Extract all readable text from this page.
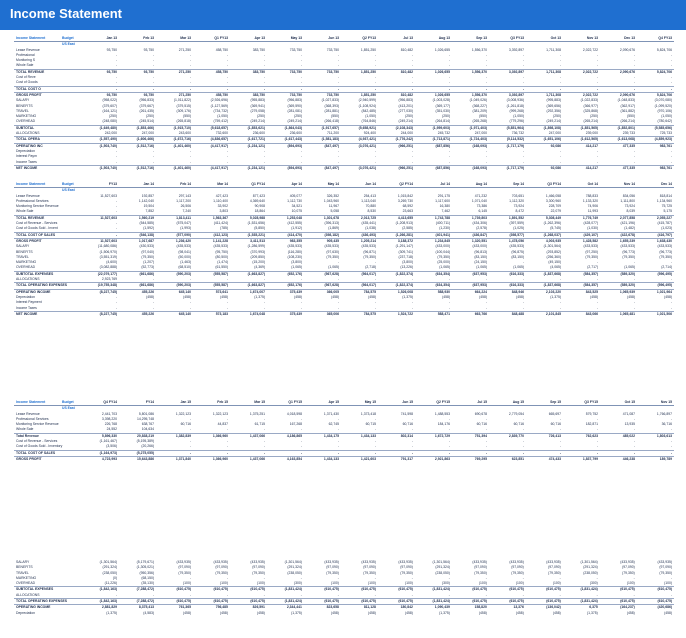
Income Statement
Income Statement	Budget	Jan 13	Feb 13	Mar 13	Q1 FY13	Apr 13	May 13	Jun 13	Q2 FY13	Jul 13	Aug 13	Sep 13	Q3 FY13	Oct 13	Nov 13	Dec 13	Q4 FY13
	US East																
Lease Revenue		93,750	93,750	271,250	458,750	383,750	733,750	733,750	1,851,250	810,482	1,026,655	1,556,370	3,392,897	1,711,308	2,022,722	2,090,676	5,824,706
Professional		-	-	-	-	-	-	-	-	-	-	-	-	-	-	-	-
Monitoring S		-	-	-	-	-	-	-	-	-	-	-	-	-	-	-	-
Whole Sale		-	-	-	-	-	-	-	-	-	-	-	-	-	-	-	-
TOTAL REVENUE		93,750	93,750	271,250	458,750	383,750	733,750	733,750	1,851,250	810,482	1,026,655	1,556,370	3,392,897	1,711,308	2,022,722	2,090,676	5,824,706
Cost of Reve		-	-	-	-	-	-	-	-	-	-	-	-	-	-	-	-
Cost of Goods		-	-	-	-	-	-	-	-	-	-	-	-	-	-	-	-
TOTAL COST O		-	-	-	-	-	-	-	-	-	-	-	-	-	-	-	-
GROSS PROFIT		93,750	93,750	271,250	458,750	383,750	733,750	733,750	1,851,250	810,482	1,026,655	1,556,370	3,392,897	1,711,308	2,022,722	2,090,676	5,824,706
SALARY		(958,022)	(956,833)	(1,011,822)	(2,926,696)	(955,883)	(956,883)	(1,027,833)	(2,940,599)	(956,883)	(1,003,028)	(1,049,026)	(3,008,936)	(995,883)	(1,022,833)	(1,048,833)	(3,070,080)
BENEFITS		(379,607)	(379,667)	(379,515)	(1,127,569)	(369,941)	(369,590)	(368,393)	(1,108,924)	(413,201)	(369,177)	(368,227)	(1,261,818)	(369,656)	(366,977)	(362,917)	(1,099,520)
TRAVEL		(164,121)	(261,435)	(309,176)	(734,732)	(279,058)	(281,081)	(281,881)	(842,485)	(277,030)	(351,030)	(381,209)	(999,268)	(292,356)	(325,868)	(361,882)	(970,106)
MARKETING		(250)	(250)	(550)	(1,050)	(250)	(250)	(550)	(1,050)	(250)	(250)	(550)	(1,050)	(250)	(250)	(550)	(1,050)
OVERHEAD		(248,080)	(245,514)	(265,818)	(759,412)	(249,214)	(249,214)	(266,418)	(764,846)	(249,214)	(264,814)	(265,268)	(779,296)	(249,214)	(265,214)	(266,214)	(780,642)
SUBTOTAL		(1,649,480)	(1,853,466)	(1,915,710)	(5,618,657)	(1,853,621)	(1,864,043)	(1,917,657)	(5,658,921)	(2,108,343)	(1,959,603)	(1,971,403)	(5,851,964)	(1,898,108)	(1,851,565)	(1,852,801)	(5,585,656)
ALLOCATIONS		242,000	247,000	243,600	732,600	236,600	236,600	711,200	924,400	244,000	245,732	247,000	736,732	247,000	239,000	239,733	725,733
TOTAL OPERA		(1,557,490)	(1,606,466)	(1,672,716)	(4,836,657)	(1,617,721)	(1,617,443)	(1,581,183)	(4,937,421)	(1,776,242)	(1,713,871)	(1,724,403)	(5,114,532)	(1,651,106)	(1,612,565)	(1,613,068)	(4,859,923)
OPERATING INC		(1,503,740)	(1,512,716)	(1,401,460)	(4,417,917)	(1,234,121)	(894,693)	(847,497)	(3,076,421)	(966,251)	(687,856)	(168,093)	(1,717,179)	92,086	414,217	477,335	983,761
Depreciation		-	-	-	-	-	-	-	-	-	-	-	-	-	-	-	-
Interest Paym		-	-	-	-	-	-	-	-	-	-	-	-	-	-	-	-
Income Taxes		-	-	-	-	-	-	-	-	-	-	-	-	-	-	-	-
NET INCOME		(1,503,740)	(1,512,716)	(1,401,460)	(4,417,917)	(1,234,121)	(894,693)	(847,497)	(3,076,421)	(966,251)	(687,856)	(168,093)	(1,717,179)	92,086	414,217	477,335	983,761
Income Statement	Budget	FY13	Jan 14	Feb 14	Mar 14	Q1 FY14	Apr 14	May 14	Jun 14	Q2 FY14	Jul 14	Aug 14	Sep 14	Q3 FY14	Oct 14	Nov 14	Dec 14
	US East																
Lease Revenue		11,527,603	192,857	297,143	427,423	877,423	405,077	326,352	254,413	1,015,842	291,175	471,232	703,651	1,466,058	788,833	834,056	818,814
Professional Services		-	1,142,040	1,117,200	1,110,400	4,369,640	1,112,730	1,043,960	1,113,040	3,269,730	1,117,600	1,071,040	1,112,320	3,300,960	1,133,320	1,111,800	1,134,960
Monitoring Service Revenue		-	19,504	26,506	33,902	90,908	34,521	11,967	70,880	68,592	16,380	73,386	73,924	228,709	74,906	73,924	75,725
Whole Sale		-	7,852	7,240	3,803	18,864	10,075	5,058	8,530	23,663	7,462	6,145	8,472	22,079	11,993	8,039	5,175
TOTAL REVENUE		11,527,603	1,560,219	1,813,411	1,563,367	5,028,988	1,253,048	1,301,678	2,013,725	4,413,655	1,743,788	1,739,803	1,891,552	5,308,449	1,776,749	2,077,858	2,055,227
Cost of Revenue - Services		-	(544,585)	(575,047)	(411,424)	(1,531,656)	(412,555)	(396,313)	(435,441)	(1,208,913)	(400,711)	(434,306)	(397,559)	(1,262,396)	(428,077)	(421,196)	(415,787)
Cost of Goods Sold - Invent		-	(1,592)	(1,993)	(785)	(5,850)	(1,912)	(1,869)	(1,038)	(2,585)	(1,230)	(2,578)	(1,025)	(5,745)	(1,030)	(1,482)	(1,023)
TOTAL COST OF SALES		-	(546,138)	(577,090)	(412,123)	(1,535,221)	(414,470)	(398,182)	(436,493)	(1,266,281)	(401,941)	(436,847)	(398,577)	(1,268,037)	(429,107)	(422,678)	(416,797)
GROSS PROFIT		11,527,603	1,017,687	1,236,420	1,141,228	3,411,513	983,355	905,435	1,205,214	3,188,372	1,234,845	1,320,551	1,478,056	4,003,935	1,428,582	1,655,239	1,638,430
SALARY		(11,680,086)	(430,533)	(435,533)	(435,533)	(1,286,599)	(435,533)	(435,533)	(435,533)	(1,291,147)	(433,000)	(433,000)	(435,533)	(1,301,564)	(433,533)	(433,533)	(433,533)
BENEFITS		(1,506,970)	(97,040)	(98,041)	(95,750)	(370,993)	(116,280)	(97,630)	(96,871)	(309,741)	(100,044)	(96,813)	(96,875)	(293,852)	(97,250)	(96,773)	(96,773)
TRAVEL		(3,551,319)	(79,350)	(50,000)	(80,500)	(209,850)	(108,230)	(79,350)	(79,350)	(237,718)	(79,350)	(83,150)	(83,150)	(256,360)	(79,350)	(79,350)	(79,350)
MARKETING		(4,600)	(1,207)	(1,463)	(1,474)	(15,200)	(3,800)	-	-	(3,800)	(25,000)	(24,150)	-	(49,150)	-	-	-
OVERHEAD		(3,082,888)	(52,773)	(68,510)	(61,550)	(4,369)	(1,065)	(1,065)	(2,718)	(13,226)	(1,065)	(1,065)	(1,065)	(4,065)	(2,717)	(1,065)	(2,714)
SUBTOTAL EXPENSES		(22,079,177)	(661,686)	(590,203)	(555,587)	(1,663,827)	(652,176)	(567,628)	(564,017)	(1,822,374)	(634,354)	(637,953)	(616,333)	(1,837,668)	(584,357)	(589,320)	(596,495)
ALLOCATIONS		2,923,769	-	-	-	-	-	-	-	-	-	-	-	-	-	-	-
TOTAL OPERATING EXPENSES		(19,755,348)	(661,686)	(590,203)	(555,587)	(1,663,827)	(652,176)	(567,628)	(564,017)	(1,822,374)	(634,354)	(637,953)	(616,333)	(1,837,668)	(584,357)	(589,320)	(596,495)
OPERATING INCOME		(8,227,745)	455,226	645,140	573,641	1,674,007	375,439	366,005	784,575	1,526,008	588,930	664,224	848,946	2,103,220	843,525	1,065,939	1,021,964
Depreciation		-	(458)	(458)	(458)	(1,375)	(458)	(458)	(458)	(1,375)	(458)	(458)	(458)	(1,375)	(458)	(458)	(458)
Interest Payment		-	-	-	-	-	-	-	-	-	-	-	-	-	-	-	-
Income Taxes		-	-	-	-	-	-	-	-	-	-	-	-	-	-	-	-
NET INCOME		(8,227,745)	455,226	645,140	573,183	1,674,048	375,439	365,006	784,575	1,524,722	588,471	663,766	848,488	2,101,845	843,066	1,065,481	1,021,506
Income Statement	Budget	Q4 FY14	FY14	Jan 15	Feb 15	Mar 15	Q1 FY15	Apr 15	May 15	Jun 15	Q2 FY15	Jul 15	Aug 15	Sep 15	Q3 FY15	Oct 15	Nov 15
	US East																
Lease Revenue		2,441,703	5,801,086	1,322,123	1,322,123	1,375,251	4,018,598	1,371,430	1,373,418	741,598	1,488,553	690,678	2,779,054	665,697	579,752	471,087	1,766,897
Professional Services		3,398,220	14,295,748	-	-	-	-	-	-	-	-	-	-	-	-	-	-
Monitoring Service Revenue		226,768	638,767	60,716	44,837	61,715	167,268	62,745	60,715	60,716	184,176	60,716	60,716	60,716	182,871	13,935	36,716
Whole Sale		24,552	104,634	-	-	-	-	-	-	-	-	-	-	-	-	-	-
Total Revenue		5,896,330	20,838,219	1,382,839	1,366,960	1,437,066	4,186,865	1,434,175	1,434,133	802,314	1,672,729	751,394	2,839,770	726,413	762,623	485,022	1,803,613
Cost of Revenue - Services		(1,161,467)	(5,195,389)	-	-	-	-	-	-	-	-	-	-	-	-	-	-
Cost of Goods Sold - Inventory		(3,506)	(20,266)	-	-	-	-	-	-	-	-	-	-	-	-	-	-
TOTAL COST OF SALES		(1,164,973)	(5,275,055)	-	-	-	-	-	-	-	-	-	-	-	-	-	-
GROSS PROFIT		4,723,993	15,643,886	1,371,840	1,366,960	1,437,066	4,163,854	1,434,133	1,421,603	791,317	2,921,863	769,295	623,851	474,433	1,837,799	446,238	189,789
SALARY	(1,301,564)	(5,179,671)	(433,935)	(433,935)	(433,935)	(1,301,564)	(433,935)	(433,935)	(433,935)	(1,301,564)	(433,935)	(433,935)	(433,935)	(1,301,564)	(433,935)	(433,935)
BENEFITS	(291,324)	(1,305,021)	(97,090)	(97,090)	(97,090)	(291,324)	(97,090)	(97,090)	(97,090)	(291,324)	(97,090)	(97,090)	(97,090)	(291,324)	(97,090)	(97,090)
TRAVEL	(238,050)	(950,356)	(79,350)	(79,350)	(79,350)	(238,050)	(79,350)	(79,350)	(79,350)	(238,050)	(79,350)	(79,350)	(79,350)	(238,050)	(79,350)	(79,350)
MARKETING	(0)	(68,150)	-	-	-	-	-	-	-	-	-	-	-	-	-	-
OVERHEAD	(11,226)	(35,130)	(100)	(100)	(100)	(300)	(100)	(100)	(100)	(300)	(100)	(100)	(100)	(300)	(100)	(100)
SUBTOTAL EXPENSES	(1,842,163)	(7,288,472)	(610,475)	(610,475)	(610,475)	(1,831,424)	(610,475)	(610,475)	(610,475)	(1,831,424)	(610,475)	(610,475)	(610,475)	(1,831,424)	(610,475)	(610,475)
ALLOCATIONS	-	-	-	-	-	-	-	-	-	-	-	-	-	-	-	-
TOTAL OPERATING EXPENSES	(1,842,163)	(7,288,472)	(610,475)	(610,475)	(610,475)	(1,831,424)	(610,475)	(610,475)	(610,475)	(1,831,424)	(610,475)	(610,475)	(610,475)	(1,831,424)	(610,475)	(610,475)
OPERATING INCOME	2,881,829	8,375,413	761,365	756,485	826,591	2,344,441	823,658	811,128	180,842	1,090,439	158,820	13,376	(136,042)	6,375	(164,237)	(420,686)
Depreciation	(1,375)	(4,583)	(458)	(458)	(458)	(1,375)	(458)	(458)	(458)	(1,375)	(458)	(458)	(458)	(1,375)	(458)	(458)
